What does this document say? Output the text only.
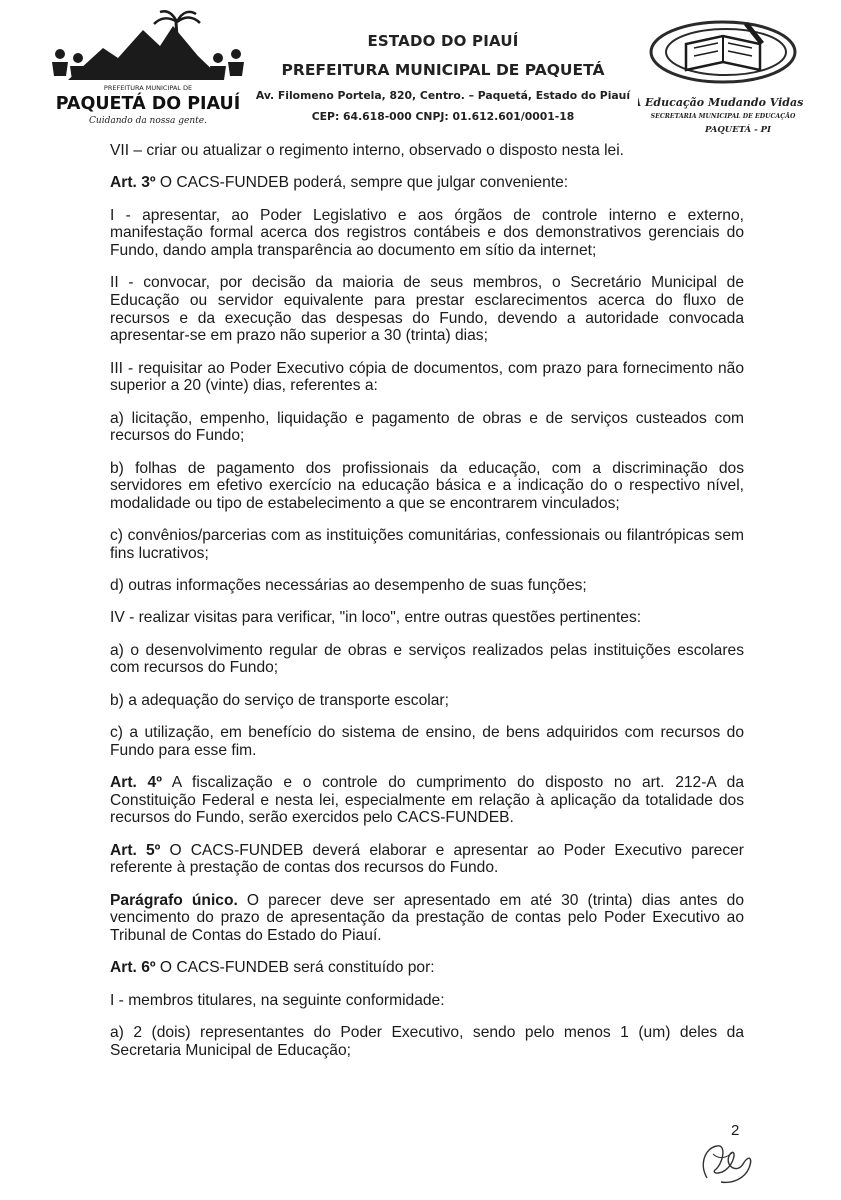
PREFEITURA MUNICIPAL DE
PAQUETÁ DO PIAUÍ
Cuidando da nossa gente.
ESTADO DO PIAUÍ
PREFEITURA MUNICIPAL DE PAQUETÁ
Av. Filomeno Portela, 820, Centro. – Paquetá, Estado do Piauí
CEP: 64.618-000 CNPJ: 01.612.601/0001-18
A Educação Mudando Vidas
SECRETARIA MUNICIPAL DE EDUCAÇÃO
PAQUETÁ - PI

VII – criar ou atualizar o regimento interno, observado o disposto nesta lei.

Art. 3º O CACS-FUNDEB poderá, sempre que julgar conveniente:

I - apresentar, ao Poder Legislativo e aos órgãos de controle interno e externo, manifestação formal acerca dos registros contábeis e dos demonstrativos gerenciais do Fundo, dando ampla transparência ao documento em sítio da internet;

II - convocar, por decisão da maioria de seus membros, o Secretário Municipal de Educação ou servidor equivalente para prestar esclarecimentos acerca do fluxo de recursos e da execução das despesas do Fundo, devendo a autoridade convocada apresentar-se em prazo não superior a 30 (trinta) dias;

III - requisitar ao Poder Executivo cópia de documentos, com prazo para fornecimento não superior a 20 (vinte) dias, referentes a:

a) licitação, empenho, liquidação e pagamento de obras e de serviços custeados com recursos do Fundo;

b) folhas de pagamento dos profissionais da educação, com a discriminação dos servidores em efetivo exercício na educação básica e a indicação do o respectivo nível, modalidade ou tipo de estabelecimento a que se encontrarem vinculados;

c) convênios/parcerias com as instituições comunitárias, confessionais ou filantrópicas sem fins lucrativos;

d) outras informações necessárias ao desempenho de suas funções;

IV - realizar visitas para verificar, "in loco", entre outras questões pertinentes:

a) o desenvolvimento regular de obras e serviços realizados pelas instituições escolares com recursos do Fundo;

b) a adequação do serviço de transporte escolar;

c) a utilização, em benefício do sistema de ensino, de bens adquiridos com recursos do Fundo para esse fim.

Art. 4º A fiscalização e o controle do cumprimento do disposto no art. 212-A da Constituição Federal e nesta lei, especialmente em relação à aplicação da totalidade dos recursos do Fundo, serão exercidos pelo CACS-FUNDEB.

Art. 5º O CACS-FUNDEB deverá elaborar e apresentar ao Poder Executivo parecer referente à prestação de contas dos recursos do Fundo.

Parágrafo único. O parecer deve ser apresentado em até 30 (trinta) dias antes do vencimento do prazo de apresentação da prestação de contas pelo Poder Executivo ao Tribunal de Contas do Estado do Piauí.

Art. 6º O CACS-FUNDEB será constituído por:

I - membros titulares, na seguinte conformidade:

a) 2 (dois) representantes do Poder Executivo, sendo pelo menos 1 (um) deles da Secretaria Municipal de Educação;

2
